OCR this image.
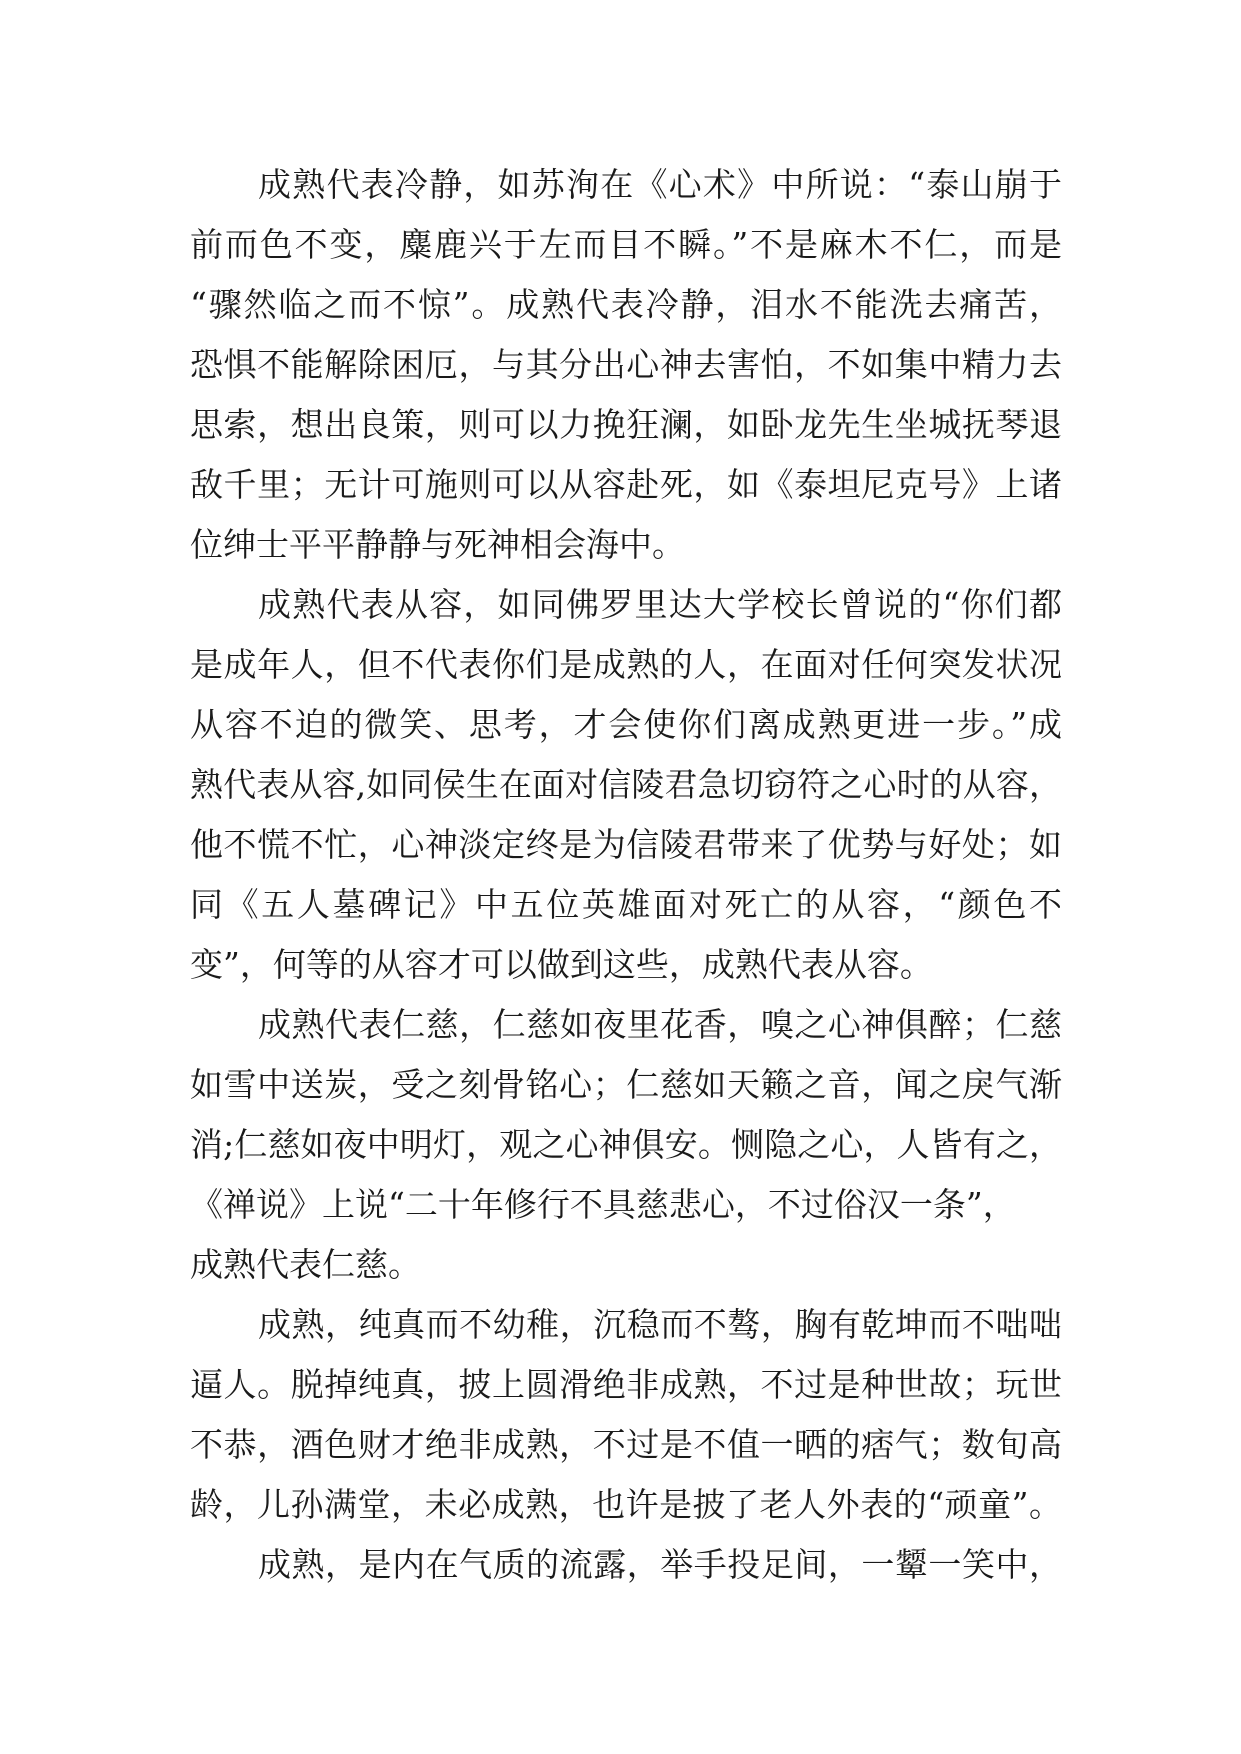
成熟代表冷静，如苏洵在《心术》中所说：“泰山崩于
前而色不变，麋鹿兴于左而目不瞬。”不是麻木不仁，而是
“骤然临之而不惊”。成熟代表冷静，泪水不能洗去痛苦，
恐惧不能解除困厄，与其分出心神去害怕，不如集中精力去
思索，想出良策，则可以力挽狂澜，如卧龙先生坐城抚琴退
敌千里；无计可施则可以从容赴死，如《泰坦尼克号》上诸
位绅士平平静静与死神相会海中。
成熟代表从容，如同佛罗里达大学校长曾说的“你们都
是成年人，但不代表你们是成熟的人，在面对任何突发状况
从容不迫的微笑、思考，才会使你们离成熟更进一步。”成
熟代表从容,如同侯生在面对信陵君急切窃符之心时的从容，
他不慌不忙，心神淡定终是为信陵君带来了优势与好处；如
同《五人墓碑记》中五位英雄面对死亡的从容，“颜色不
变”，何等的从容才可以做到这些，成熟代表从容。
成熟代表仁慈，仁慈如夜里花香，嗅之心神俱醉；仁慈
如雪中送炭，受之刻骨铭心；仁慈如天籁之音，闻之戾气渐
消;仁慈如夜中明灯，观之心神俱安。恻隐之心，人皆有之，
《禅说》上说“二十年修行不具慈悲心，不过俗汉一条”，
成熟代表仁慈。
成熟，纯真而不幼稚，沉稳而不骜，胸有乾坤而不咄咄
逼人。脱掉纯真，披上圆滑绝非成熟，不过是种世故；玩世
不恭，酒色财才绝非成熟，不过是不值一晒的痞气；数旬高
龄，儿孙满堂，未必成熟，也许是披了老人外表的“顽童”。
成熟，是内在气质的流露，举手投足间，一颦一笑中，
